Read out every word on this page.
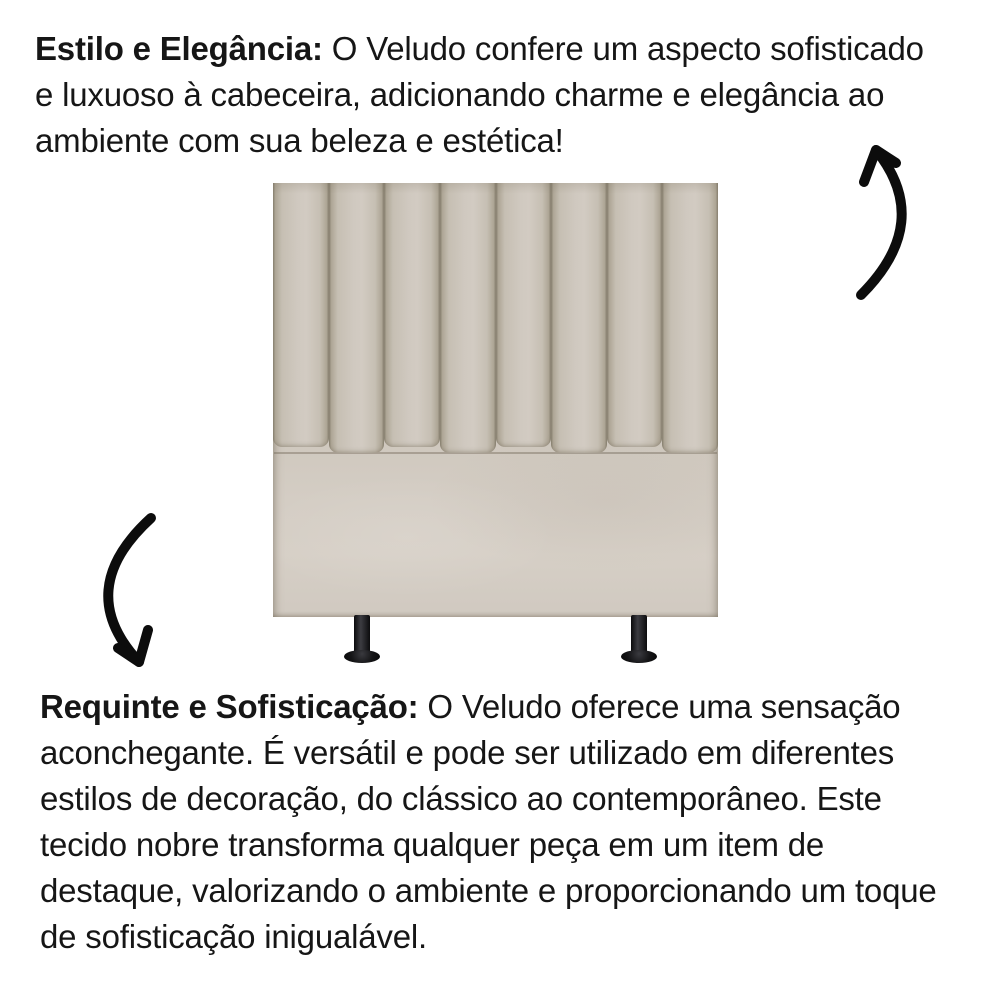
Estilo e Elegância: O Veludo confere um aspecto sofisticado e luxuoso à cabeceira, adicionando charme e elegância ao ambiente com sua beleza e estética!

Requinte e Sofisticação: O Veludo oferece uma sensação aconchegante. É versátil e pode ser utilizado em diferentes estilos de decoração, do clássico ao contemporâneo. Este tecido nobre transforma qualquer peça em um item de destaque, valorizando o ambiente e proporcionando um toque de sofisticação inigualável.
